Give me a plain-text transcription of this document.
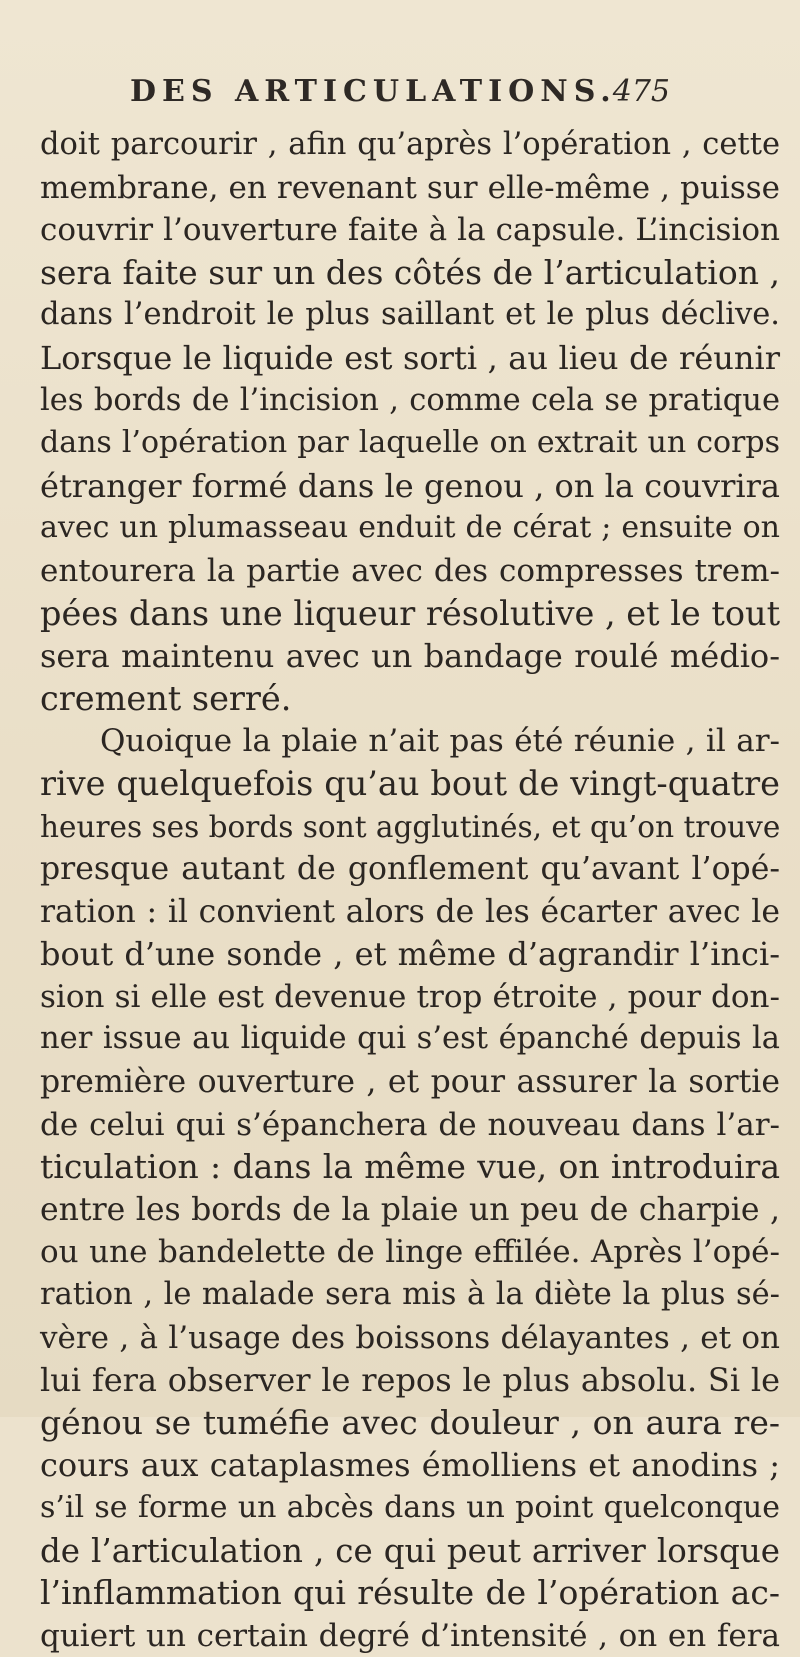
DES ARTICULATIONS.
475
doit parcourir , afin qu’après l’opération , cette
membrane, en revenant sur elle-même , puisse
couvrir l’ouverture faite à la capsule. L’incision
sera faite sur un des côtés de l’articulation ,
dans l’endroit le plus saillant et le plus déclive.
Lorsque le liquide est sorti , au lieu de réunir
les bords de l’incision , comme cela se pratique
dans l’opération par laquelle on extrait un corps
étranger formé dans le genou , on la couvrira
avec un plumasseau enduit de cérat ; ensuite on
entourera la partie avec des compresses trem-
pées dans une liqueur résolutive , et le tout
sera maintenu avec un bandage roulé médio-
crement serré.
Quoique la plaie n’ait pas été réunie , il ar-
rive quelquefois qu’au bout de vingt-quatre
heures ses bords sont agglutinés, et qu’on trouve
presque autant de gonflement qu’avant l’opé-
ration : il convient alors de les écarter avec le
bout d’une sonde , et même d’agrandir l’inci-
sion si elle est devenue trop étroite , pour don-
ner issue au liquide qui s’est épanché depuis la
première ouverture , et pour assurer la sortie
de celui qui s’épanchera de nouveau dans l’ar-
ticulation : dans la même vue, on introduira
entre les bords de la plaie un peu de charpie ,
ou une bandelette de linge effilée. Après l’opé-
ration , le malade sera mis à la diète la plus sé-
vère , à l’usage des boissons délayantes , et on
lui fera observer le repos le plus absolu. Si le
génou se tuméfie avec douleur , on aura re-
cours aux cataplasmes émolliens et anodins ;
s’il se forme un abcès dans un point quelconque
de l’articulation , ce qui peut arriver lorsque
l’inflammation qui résulte de l’opération ac-
quiert un certain degré d’intensité , on en fera
